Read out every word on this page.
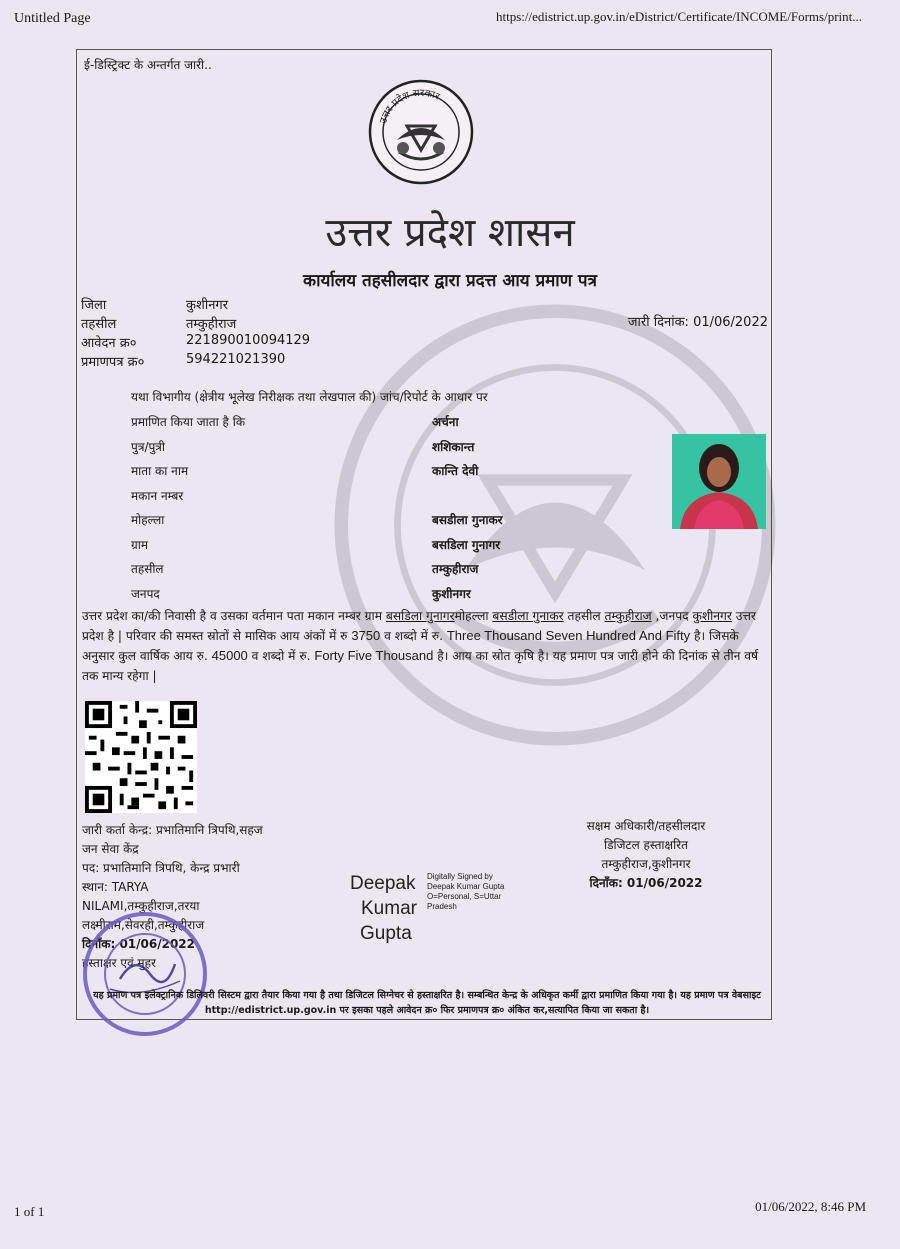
Untitled Page	https://edistrict.up.gov.in/eDistrict/Certificate/INCOME/Forms/print...
1 of 1	01/06/2022, 8:46 PM
ई-डिस्ट्रिक्ट के अन्तर्गत जारी..
उत्तर प्रदेश सरकार
उत्तर प्रदेश शासन
कार्यालय तहसीलदार द्वारा प्रदत्त आय प्रमाण पत्र
जिला	कुशीनगर
तहसील	तम्कुहीराज
आवेदन क्र०	221890010094129
प्रमाणपत्र क्र०	594221021390
जारी दिनांक: 01/06/2022
यथा विभागीय (क्षेत्रीय भूलेख निरीक्षक तथा लेखपाल की) जांच/रिपोर्ट के आधार पर
प्रमाणित किया जाता है कि	अर्चना
पुत्र/पुत्री	शशिकान्त
माता का नाम	कान्ति देवी
मकान नम्बर
मोहल्ला	बसडीला गुनाकर
ग्राम	बसडिला गुनागर
तहसील	तम्कुहीराज
जनपद	कुशीनगर
उत्तर प्रदेश का/की निवासी है व उसका वर्तमान पता मकान नम्बर ग्राम बसडिला गुनागरमोहल्ला बसडीला गुनाकर तहसील तम्कुहीराज ,जनपद कुशीनगर उत्तर प्रदेश है | परिवार की समस्त स्रोतों से मासिक आय अंकों में रु 3750 व शब्दो में रु. Three Thousand Seven Hundred And Fifty है। जिसके अनुसार कुल वार्षिक आय रु. 45000 व शब्दो में रु. Forty Five Thousand है। आय का स्रोत कृषि है। यह प्रमाण पत्र जारी होने की दिनांक से तीन वर्ष तक मान्य रहेगा |
जारी कर्ता केन्द्र: प्रभातिमानि त्रिपथि,सहज
जन सेवा केंद्र
पद: प्रभातिमानि त्रिपथि, केन्द्र प्रभारी
स्थान: TARYA
NILAMI,तम्कुहीराज,तरया
लक्ष्मीराम,सेवरही,तम्कुहीराज
दिनाँक: 01/06/2022
हस्ताक्षर एवं मुहर
Deepak
Kumar
Gupta
Digitally Signed by
Deepak Kumar Gupta
O=Personal, S=Uttar
Pradesh
सक्षम अधिकारी/तहसीलदार
डिजिटल हस्ताक्षरित
तम्कुहीराज,कुशीनगर
दिनाँक: 01/06/2022
यह प्रमाण पत्र इलेक्ट्रानिक डिलिवरी सिस्टम द्वारा तैयार किया गया है तथा डिजिटल सिग्नेचर से हस्ताक्षरित है। सम्बन्धित केन्द्र के अधिकृत कर्मी द्वारा प्रमाणित किया गया है। यह प्रमाण पत्र वेबसाइट http://edistrict.up.gov.in पर इसका पहले आवेदन क्र० फिर प्रमाणपत्र क्र० अंकित कर,सत्यापित किया जा सकता है।
